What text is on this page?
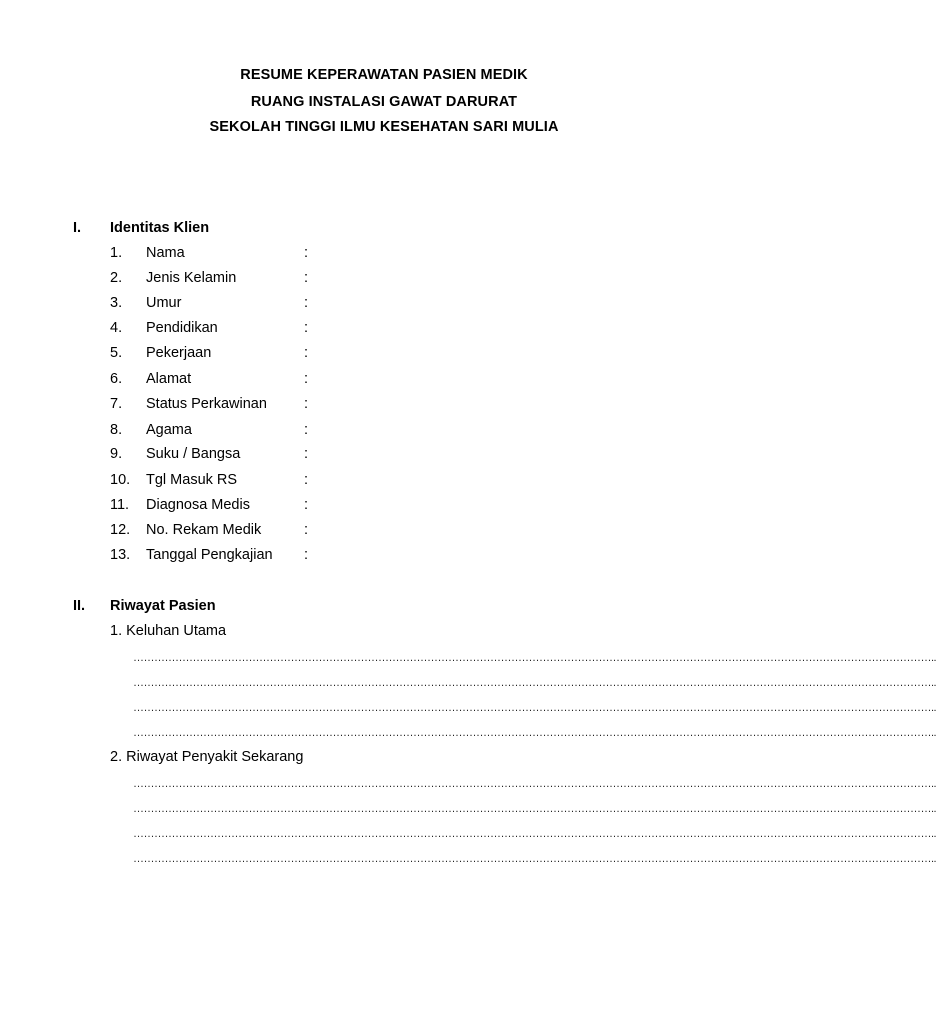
RESUME KEPERAWATAN PASIEN MEDIK
RUANG INSTALASI GAWAT DARURAT
SEKOLAH TINGGI ILMU KESEHATAN SARI MULIA
I. Identitas Klien
1. Nama	:
2. Jenis Kelamin	:
3. Umur	:
4. Pendidikan	:
5. Pekerjaan	:
6. Alamat	:
7. Status Perkawinan	:
8. Agama	:
9. Suku / Bangsa	:
10. Tgl Masuk RS	:
11. Diagnosa Medis	:
12. No. Rekam Medik	:
13. Tanggal Pengkajian :
II. Riwayat Pasien
1. Keluhan Utama
…………………………………………………………………………………………………………………………………………………………………………………………………………..
…………………………………………………………………………………………………………………………………………………………………………………………………………..
…………………………………………………………………………………………………………………………………………………………………………………………………………..
…………………………………………………………………………………………………………………………………………………………………………………………………………..
2. Riwayat Penyakit Sekarang
…………………………………………………………………………………………………………………………………………………………………………………………………………..
…………………………………………………………………………………………………………………………………………………………………………………………………………..
…………………………………………………………………………………………………………………………………………………………………………………………………………..
…………………………………………………………………………………………………………………………………………………………………………………………………………..
